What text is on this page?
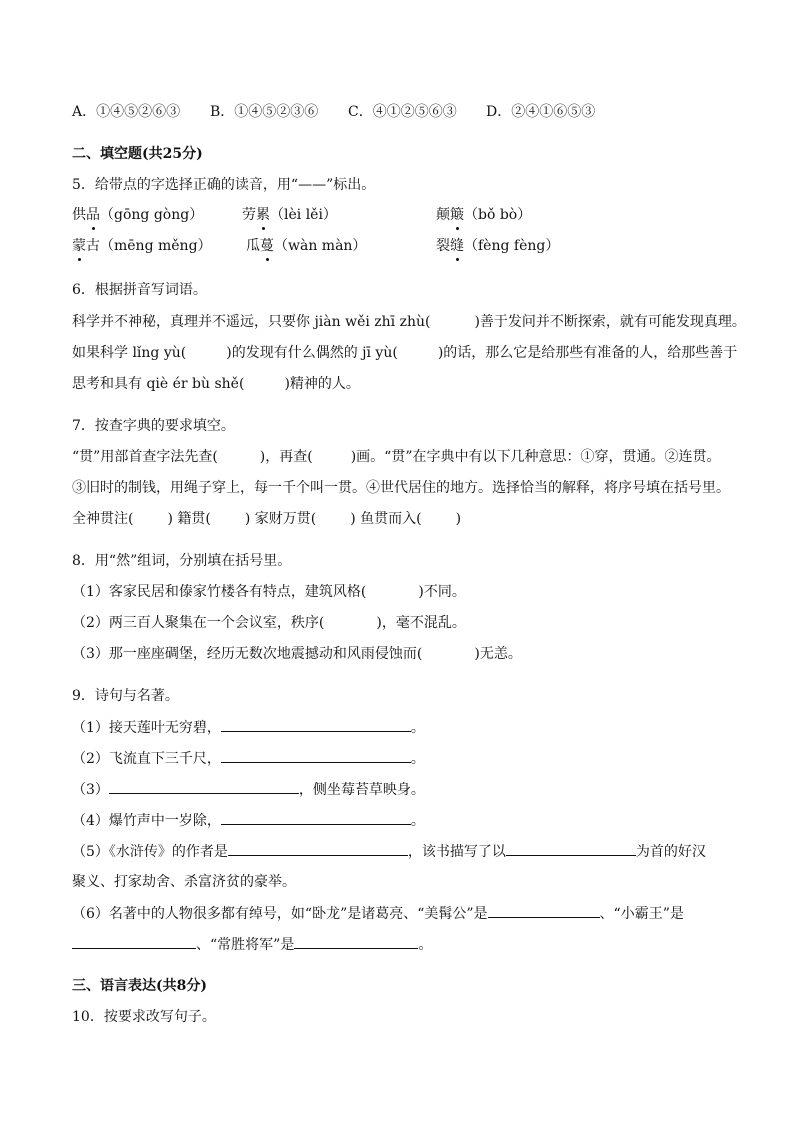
A．①④⑤②⑥③ B．①④⑤②③⑥ C．④①②⑤⑥③ D．②④①⑥⑤③
二、填空题(共25分)
5．给带点的字选择正确的读音，用“——”标出。
供品（gōng gòng）	劳累（lèi lěi）	颠簸（bǒ bò）
蒙古（mēng měng） 瓜蔓（wàn màn）	裂缝（fèng fèng）
6．根据拼音写词语。
科学并不神秘，真理并不遥远，只要你 jiàn wěi zhī zhù(	)善于发问并不断探索，就有可能发现真理。
如果科学 lǐng yù(	)的发现有什么偶然的 jī yù(	)的话，那么它是给那些有准备的人，给那些善于
思考和具有 qiè ér bù shě(	)精神的人。
7．按查字典的要求填空。
“贯”用部首查字法先查(	)，再查(	)画。“贯”在字典中有以下几种意思：①穿，贯通。②连贯。
③旧时的制钱，用绳子穿上，每一千个叫一贯。④世代居住的地方。选择恰当的解释，将序号填在括号里。
全神贯注( ) 籍贯( ) 家财万贯( ) 鱼贯而入( )
8．用“然”组词，分别填在括号里。
（1）客家民居和傣家竹楼各有特点，建筑风格(	)不同。
（2）两三百人聚集在一个会议室，秩序(	)，毫不混乱。
（3）那一座座碉堡，经历无数次地震撼动和风雨侵蚀而(	)无恙。
9．诗句与名著。
（1）接天莲叶无穷碧，	。
（2）飞流直下三千尺，	。
（3）	，侧坐莓苔草映身。
（4）爆竹声中一岁除，	。
（5）《水浒传》的作者是	，该书描写了以	为首的好汉
聚义、打家劫舍、杀富济贫的豪举。
（6）名著中的人物很多都有绰号，如“卧龙”是诸葛亮、“美髯公”是	、“小霸王”是
、“常胜将军”是	。
三、语言表达(共8分)
10．按要求改写句子。
